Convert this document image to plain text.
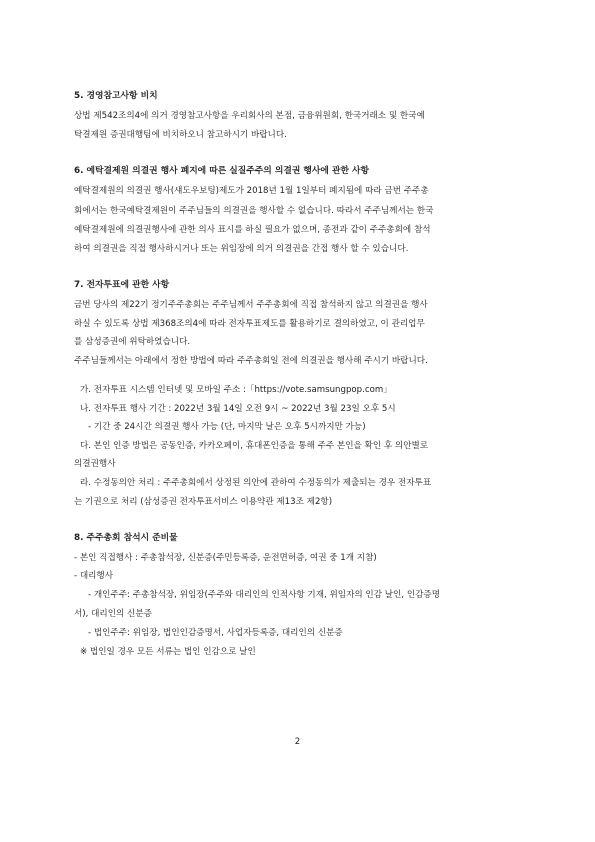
5. 경영참고사항 비치
상법 제542조의4에 의거 경영참고사항을 우리회사의 본점, 금융위원회, 한국거래소 및 한국예
탁결제원 증권대행팀에 비치하오니 참고하시기 바랍니다.
6. 예탁결제원 의결권 행사 폐지에 따른 실질주주의 의결권 행사에 관한 사항
예탁결제원의 의결권 행사(섀도우보팅)제도가 2018년 1월 1일부터 폐지됨에 따라 금번 주주총
회에서는 한국예탁결제원이 주주님들의 의결권을 행사할 수 없습니다. 따라서 주주님께서는 한국
예탁결제원에 의결권행사에 관한 의사 표시를 하실 필요가 없으며, 종전과 같이 주주총회에 참석
하여 의결권을 직접 행사하시거나 또는 위임장에 의거 의결권을 간접 행사 할 수 있습니다.
7. 전자투표에 관한 사항
금번 당사의 제22기 정기주주총회는 주주님께서 주주총회에 직접 참석하지 않고 의결권을 행사
하실 수 있도록 상법 제368조의4에 따라 전자투표제도를 활용하기로 결의하였고, 이 관리업무
를 삼성증권에 위탁하였습니다.
주주님들께서는 아래에서 정한 방법에 따라 주주총회일 전에 의결권을 행사해 주시기 바랍니다.
가. 전자투표 시스템 인터넷 및 모바일 주소 :「https://vote.samsungpop.com」
나. 전자투표 행사 기간 : 2022년 3월 14일 오전 9시 ~ 2022년 3월 23일 오후 5시
- 기간 중 24시간 의결권 행사 가능 (단, 마지막 날은 오후 5시까지만 가능)
다. 본인 인증 방법은 공동인증, 카카오페이, 휴대폰인증을 통해 주주 본인을 확인 후 의안별로
의결권행사
라. 수정동의안 처리 : 주주총회에서 상정된 의안에 관하여 수정동의가 제출되는 경우 전자투표
는 기권으로 처리 (삼성증권 전자투표서비스 이용약관 제13조 제2항)
8. 주주총회 참석시 준비물
- 본인 직접행사 : 주총참석장, 신분증(주민등록증, 운전면허증, 여권 중 1개 지참)
- 대리행사
- 개인주주: 주총참석장, 위임장(주주와 대리인의 인적사항 기재, 위임자의 인감 날인, 인감증명
서), 대리인의 신분증
- 법인주주: 위임장, 법인인감증명서, 사업자등록증, 대리인의 신분증
※ 법인일 경우 모든 서류는 법인 인감으로 날인
2
